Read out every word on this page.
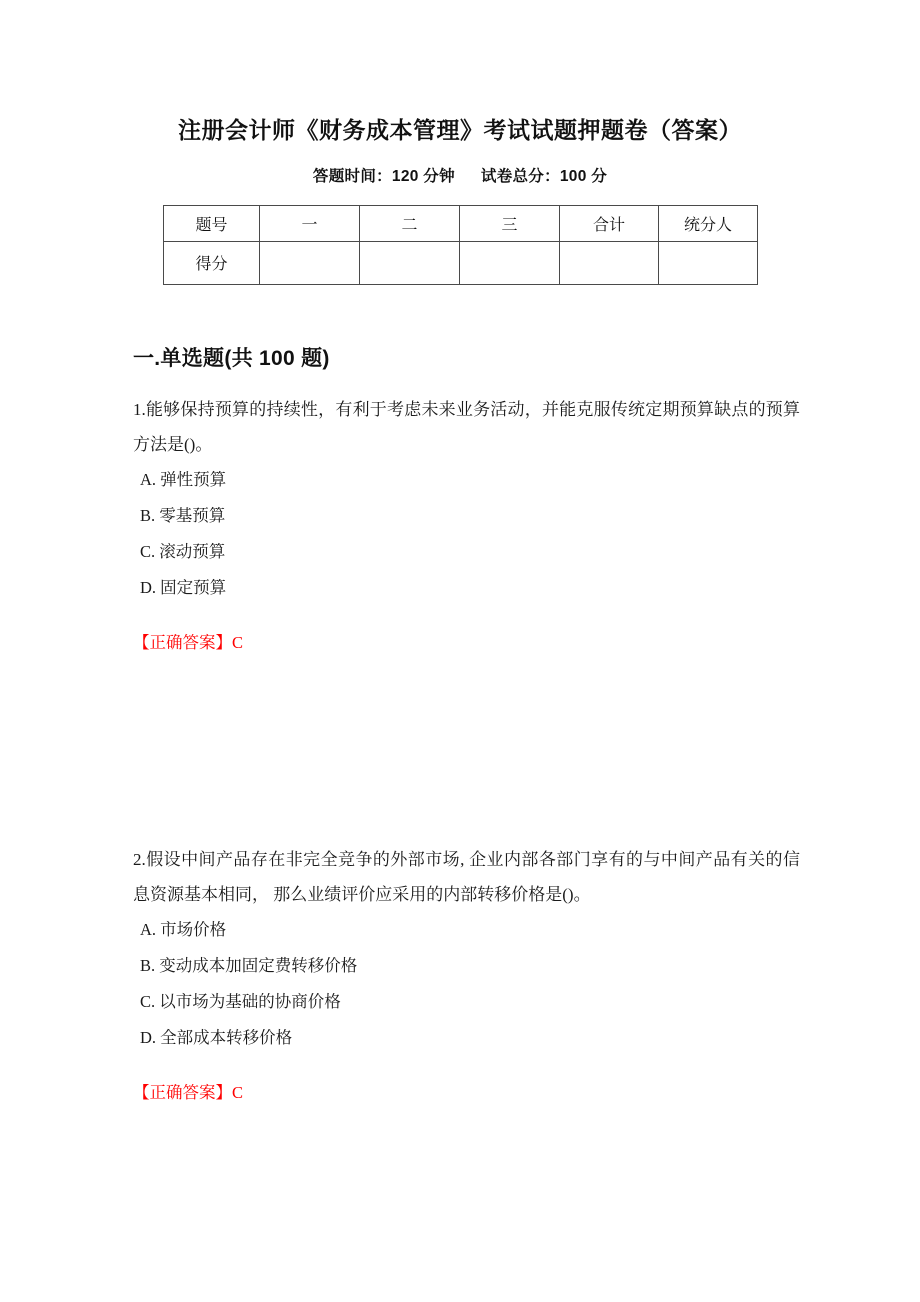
注册会计师《财务成本管理》考试试题押题卷（答案）
答题时间：120 分钟 试卷总分：100 分
题号	一	二	三	合计	统分人
得分					
一.单选题(共 100 题)

1.能够保持预算的持续性，有利于考虑未来业务活动，并能克服传统定期预算缺点的预算方法是()。

A. 弹性预算
B. 零基预算
C. 滚动预算
D. 固定预算

【正确答案】C

2.假设中间产品存在非完全竞争的外部市场, 企业内部各部门享有的与中间产品有关的信息资源基本相同， 那么业绩评价应采用的内部转移价格是()。

A. 市场价格
B. 变动成本加固定费转移价格
C. 以市场为基础的协商价格
D. 全部成本转移价格

【正确答案】C
